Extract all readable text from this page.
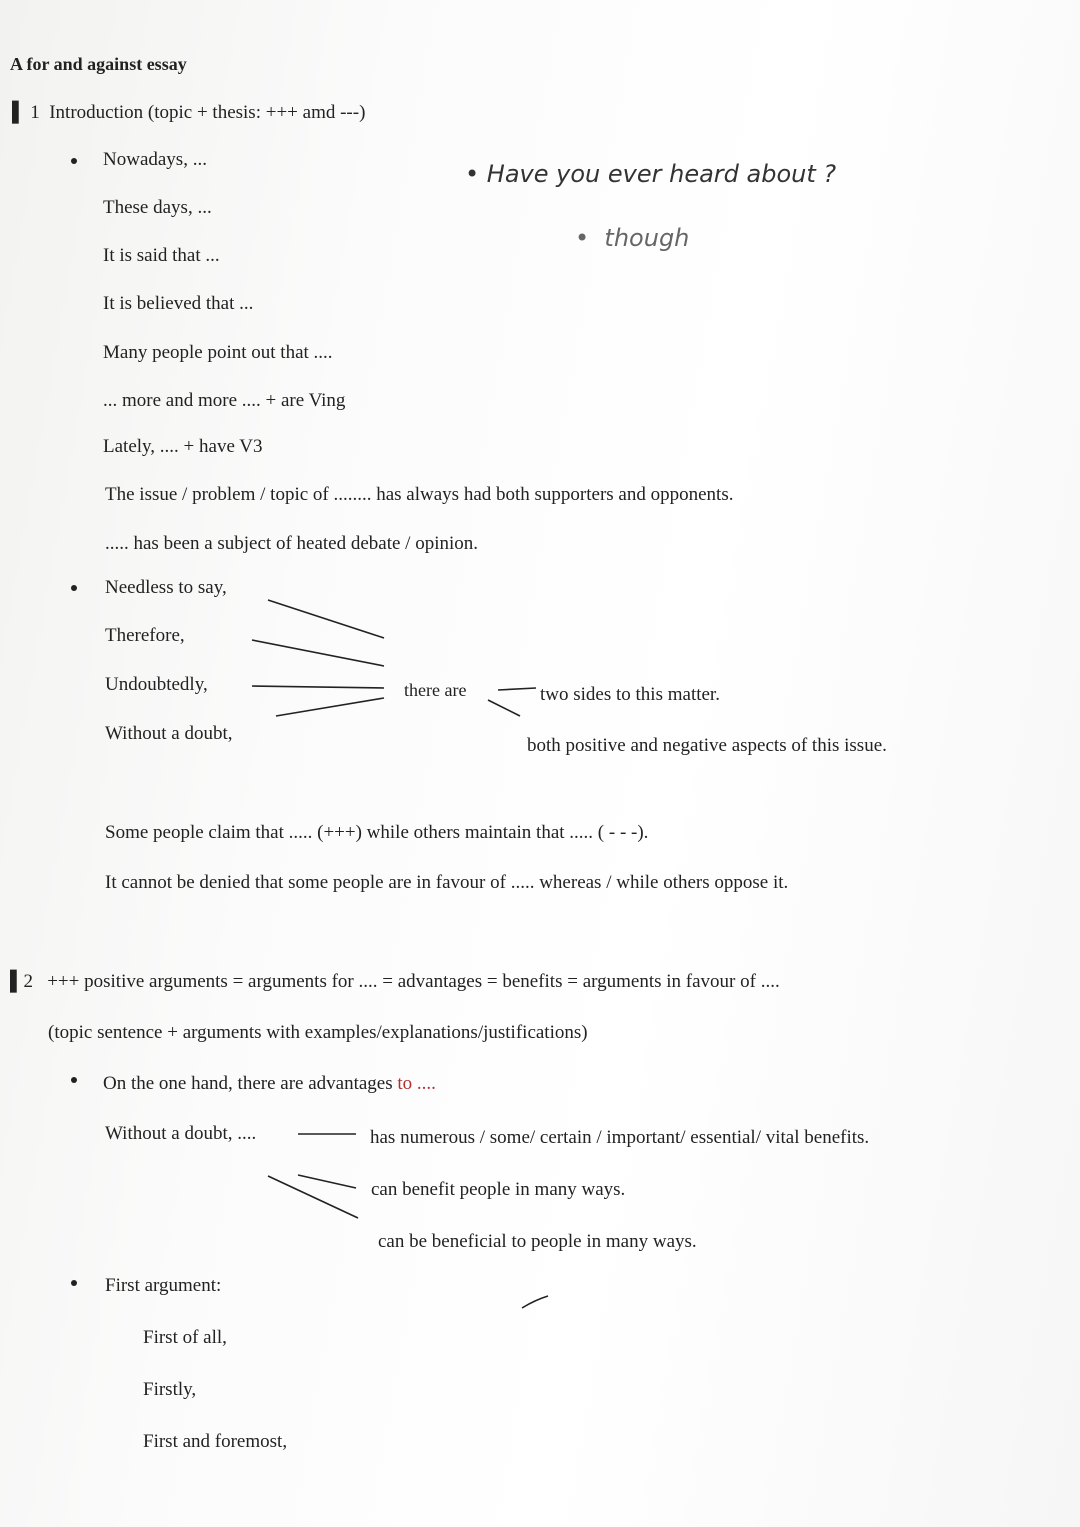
A for and against essay
▌ 1 Introduction (topic + thesis: +++ amd ---)
Nowadays, ...
These days, ...
It is said that ...
It is believed that ...
Many people point out that ....
... more and more .... + are Ving
Lately, .... + have V3
The issue / problem / topic of ........ has always had both supporters and opponents.
..... has been a subject of heated debate / opinion.
• Have you ever heard about ?
•  though
Needless to say,
Therefore,
Undoubtedly,
Without a doubt,
there are	two sides to this matter.
both positive and negative aspects of this issue.
Some people claim that ..... (+++) while others maintain that ..... ( - - -).
It cannot be denied that some people are in favour of ..... whereas / while others oppose it.
▌2 +++ positive arguments = arguments for .... = advantages = benefits = arguments in favour of ....
(topic sentence + arguments with examples/explanations/justifications)
On the one hand, there are advantages to ....
Without a doubt, ....	has numerous / some/ certain / important/ essential/ vital benefits.
can benefit people in many ways.
can be beneficial to people in many ways.
First argument:
First of all,
Firstly,
First and foremost,
